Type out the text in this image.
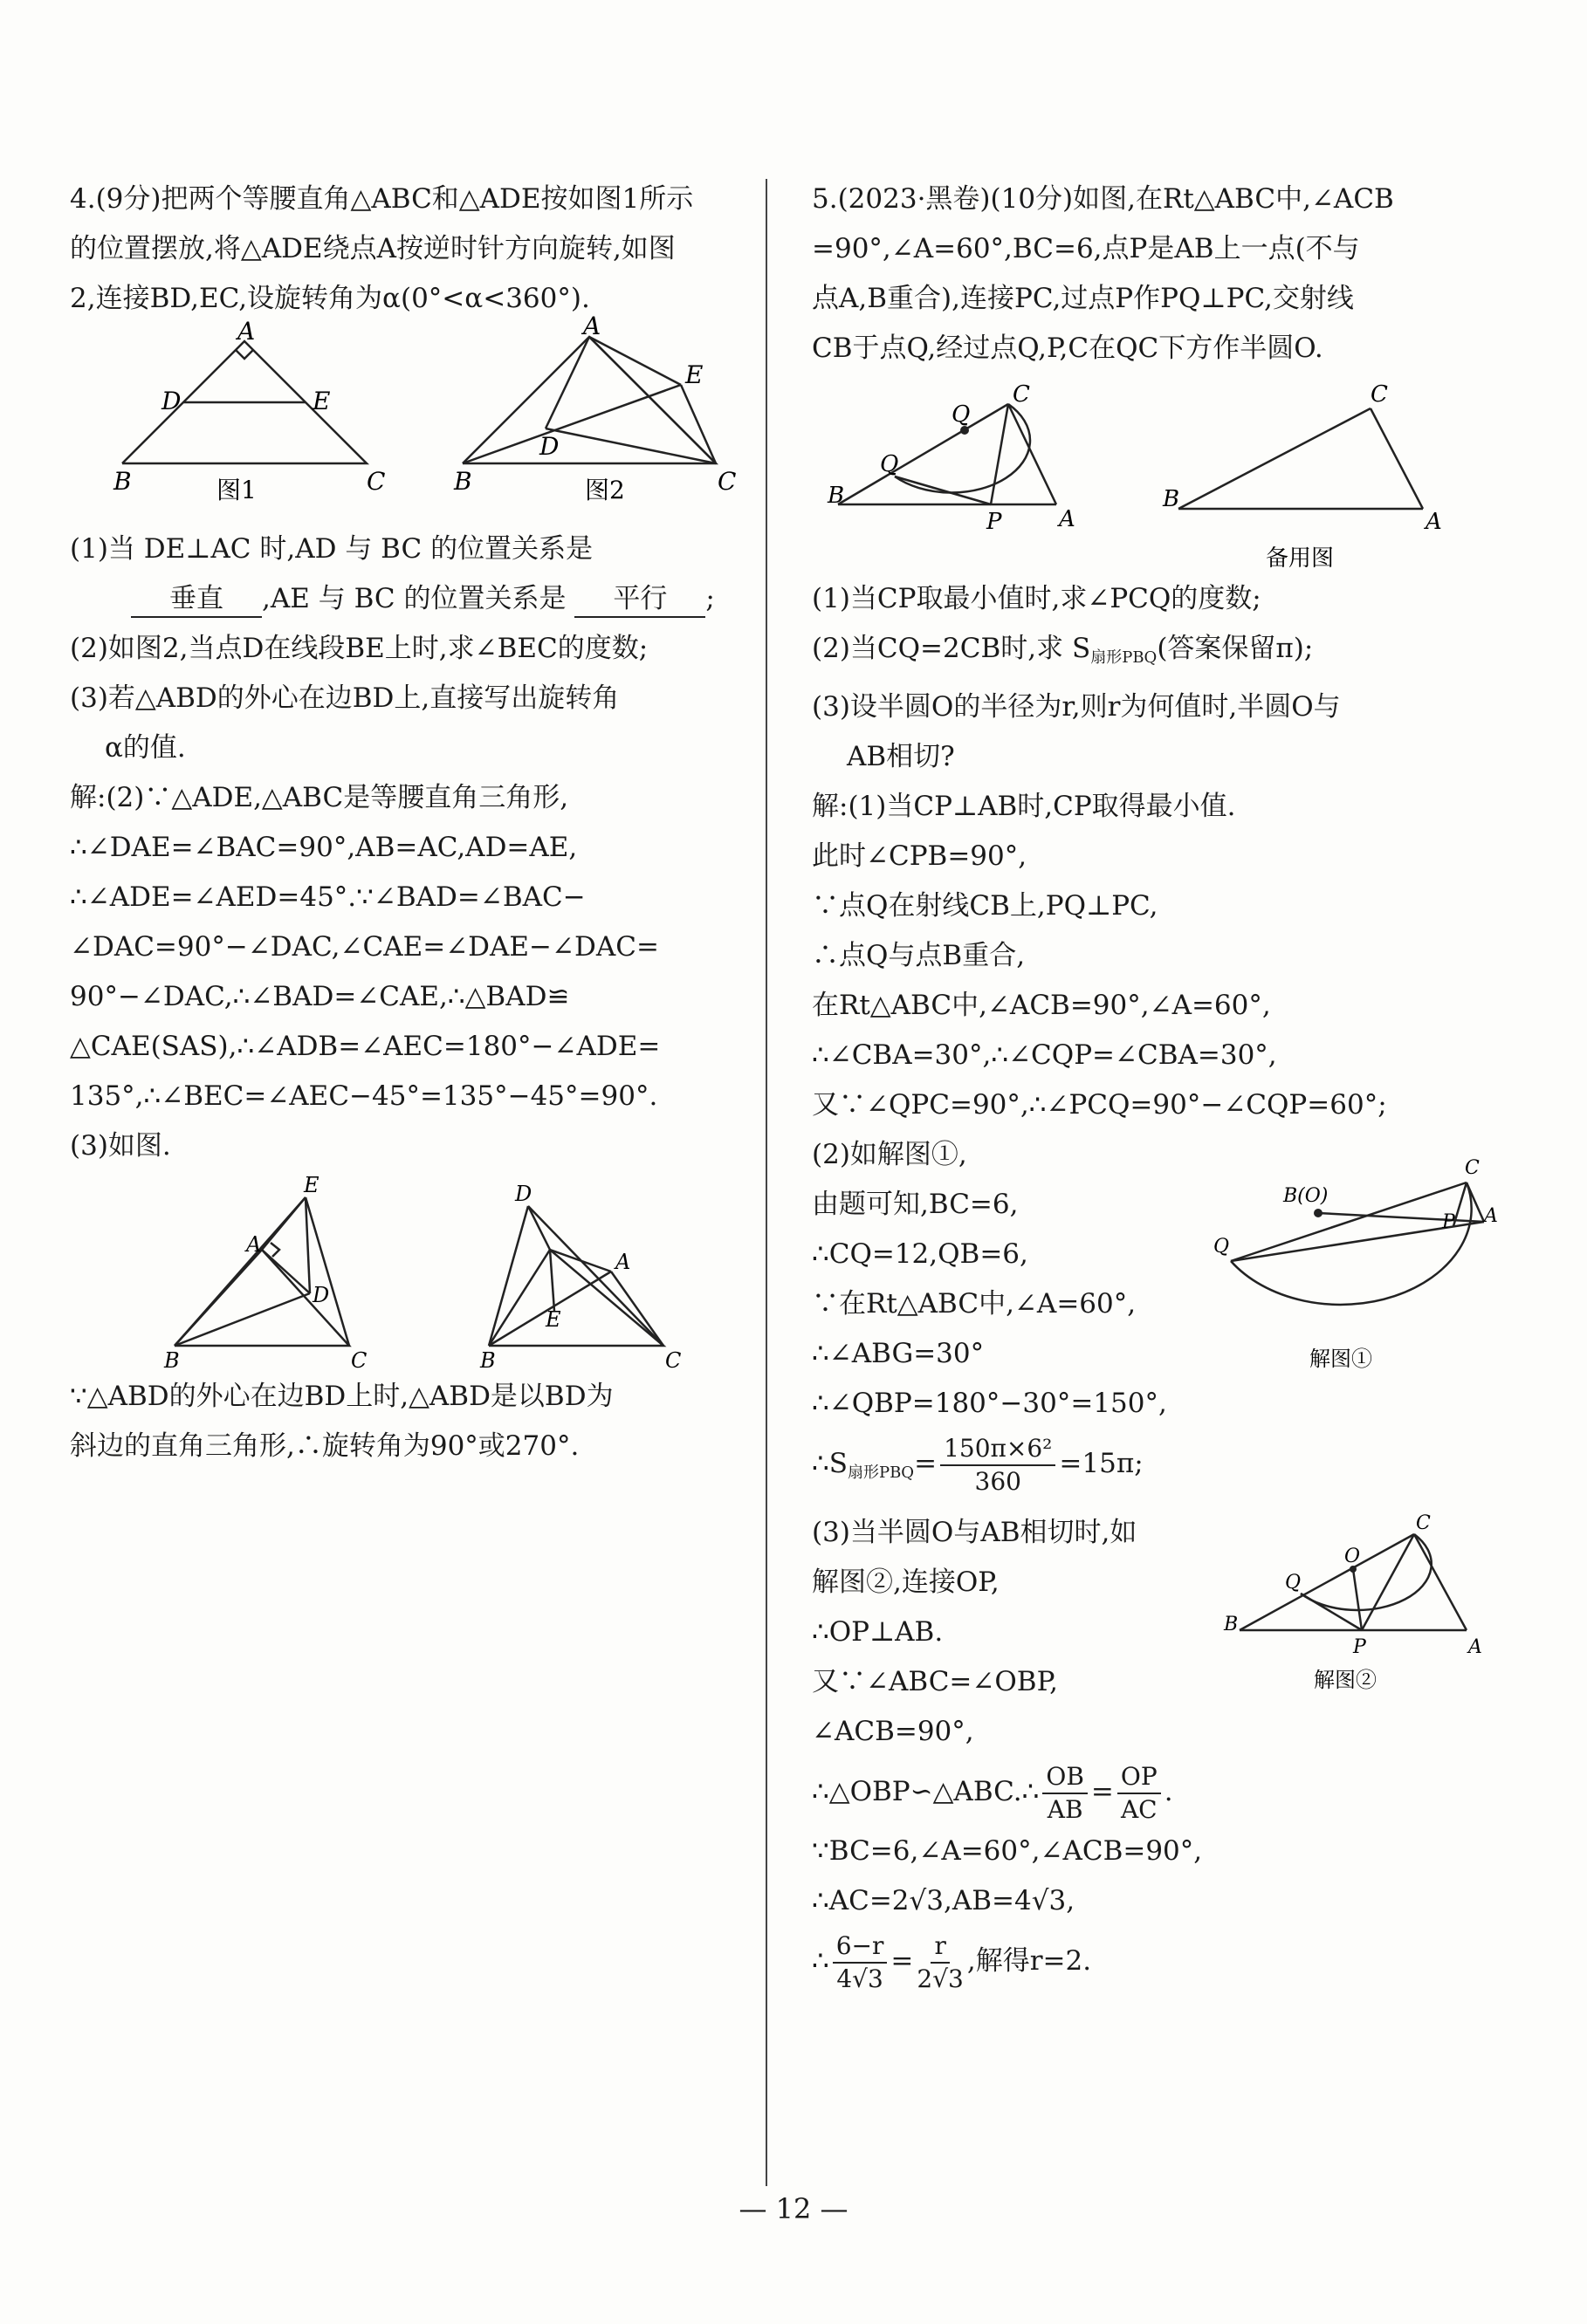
4.(9分)把两个等腰直角△ABC和△ADE按如图1所示
的位置摆放,将△ADE绕点A按逆时针方向旋转,如图
2,连接BD,EC,设旋转角为α(0°<α<360°).
A
D	E
B	C
图1
A
E
D
B	C
图2
(1)当 DE⊥AC 时,AD 与 BC 的位置关系是
垂直 ,AE 与 BC 的位置关系是 平行 ;
(2)如图2,当点D在线段BE上时,求∠BEC的度数;
(3)若△ABD的外心在边BD上,直接写出旋转角
α的值.
解:(2)∵△ADE,△ABC是等腰直角三角形,
∴∠DAE=∠BAC=90°,AB=AC,AD=AE,
∴∠ADE=∠AED=45°.∵∠BAD=∠BAC−
∠DAC=90°−∠DAC,∠CAE=∠DAE−∠DAC=
90°−∠DAC,∴∠BAD=∠CAE,∴△BAD≌
△CAE(SAS),∴∠ADB=∠AEC=180°−∠ADE=
135°,∴∠BEC=∠AEC−45°=135°−45°=90°.
(3)如图.
E
A
D
B	C
D
A
E
B	C
∵△ABD的外心在边BD上时,△ABD是以BD为
斜边的直角三角形,∴旋转角为90°或270°.
5.(2023·黑卷)(10分)如图,在Rt△ABC中,∠ACB
=90°,∠A=60°,BC=6,点P是AB上一点(不与
点A,B重合),连接PC,过点P作PQ⊥PC,交射线
CB于点Q,经过点Q,P,C在QC下方作半圆O.
C
Q
Q
B
P	A
C
B
A
备用图
(1)当CP取最小值时,求∠PCQ的度数;
(2)当CQ=2CB时,求 $S_{扇形PBQ}$(答案保留π);
(3)设半圆O的半径为r,则r为何值时,半圆O与
AB相切?
解:(1)当CP⊥AB时,CP取得最小值.
此时∠CPB=90°,
∵点Q在射线CB上,PQ⊥PC,
∴点Q与点B重合,
在Rt△ABC中,∠ACB=90°,∠A=60°,
∴∠CBA=30°,∴∠CQP=∠CBA=30°,
又∵∠QPC=90°,∴∠PCQ=90°−∠CQP=60°;
(2)如解图①,
由题可知,BC=6,
∴CQ=12,QB=6,
∵在Rt△ABC中,∠A=60°,
∴∠ABG=30°
∴∠QBP=180°−30°=150°,
$\therefore S_{扇形PBQ}= \frac{\text{150π×6²}}{360} =15\pi$;
C
B(O)
P A
Q
解图①
(3)当半圆O与AB相切时,如
解图②,连接OP,
∴OP⊥AB.
又∵∠ABC=∠OBP,
∠ACB=90°,
C
O
Q
B
P	A
解图②
∴△OBP∽△ABC.∴ $\frac{OB}{AB} = \frac{OP}{AC}$ .
∵BC=6,∠A=60°,∠ACB=90°,
∴AC=2√3,AB=4√3,
∴ $\frac{6-r}{4√3} = \frac{r}{2√3}$ ,解得r=2.
— 12 —
